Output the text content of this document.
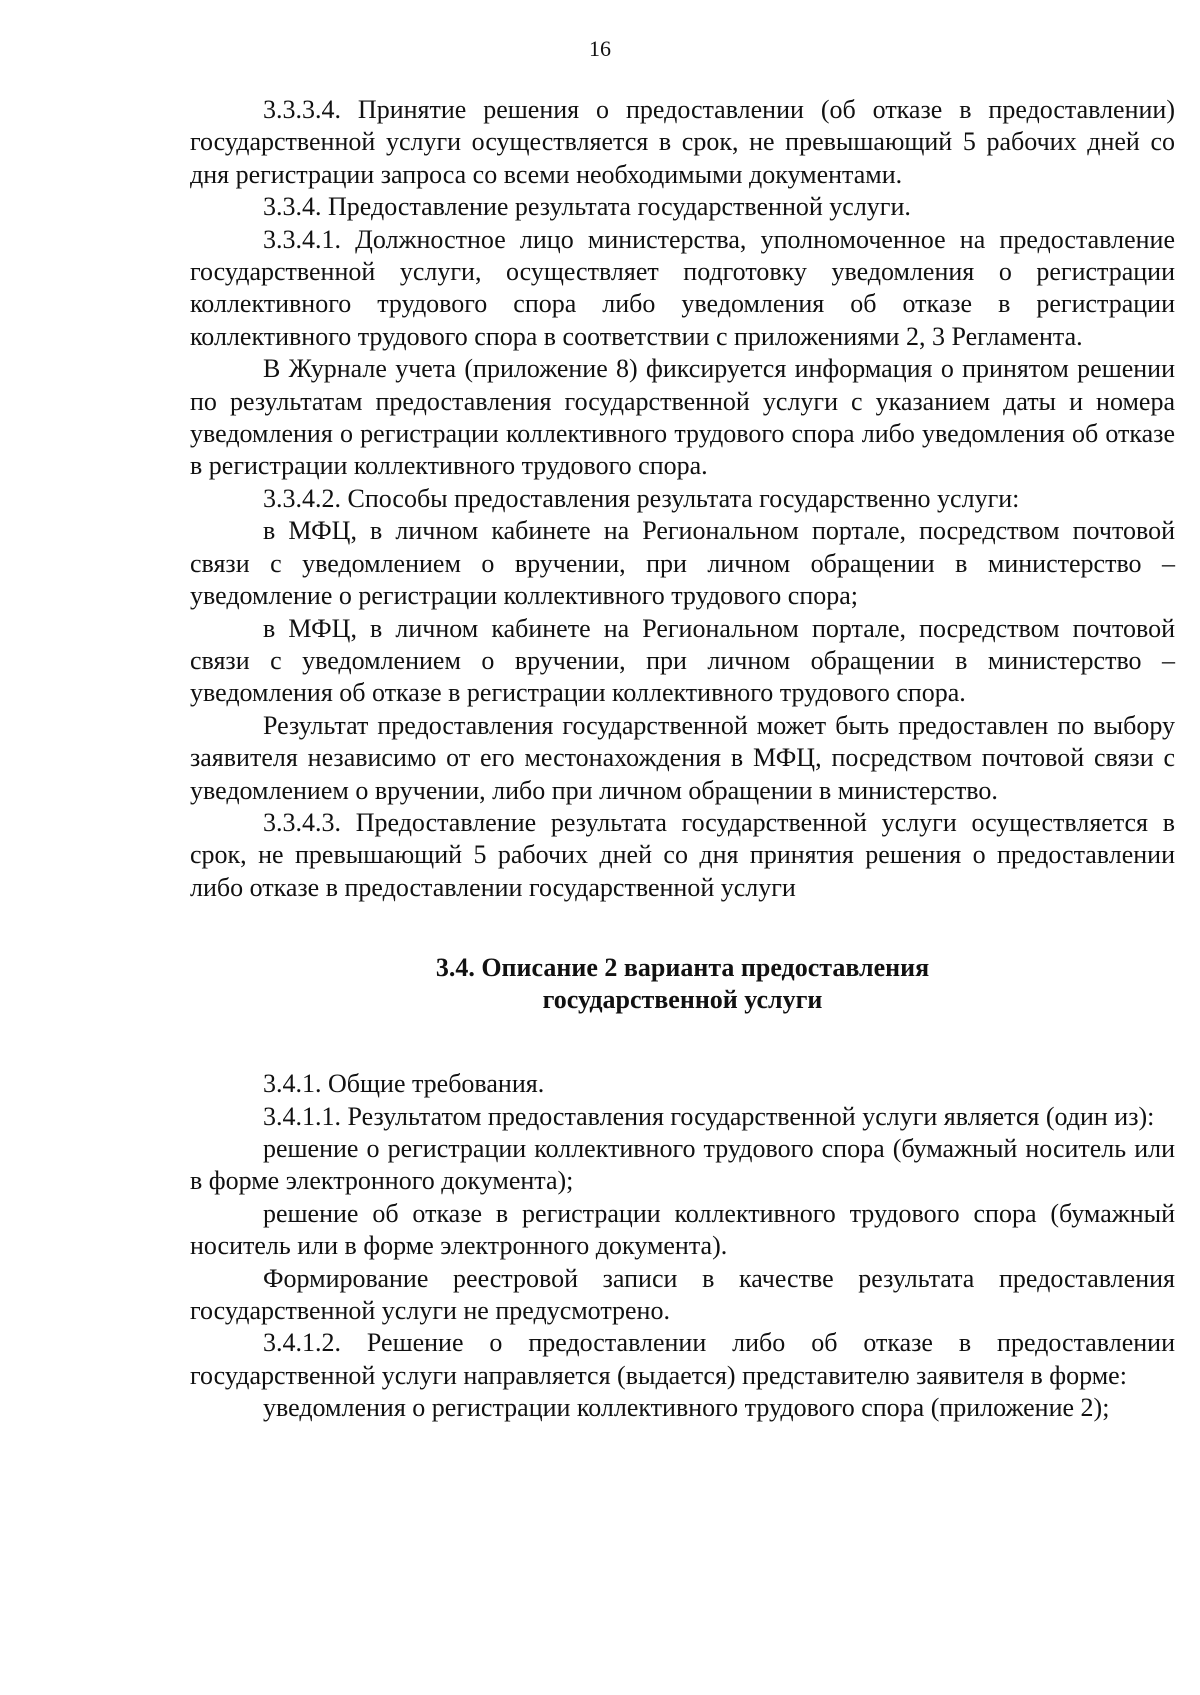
16

3.3.3.4. Принятие решения о предоставлении (об отказе в предоставлении) государственной услуги осуществляется в срок, не превышающий 5 рабочих дней со дня регистрации запроса со всеми необходимыми документами.

3.3.4. Предоставление результата государственной услуги.

3.3.4.1. Должностное лицо министерства, уполномоченное на предоставление государственной услуги, осуществляет подготовку уведомления о регистрации коллективного трудового спора либо уведомления об отказе в регистрации коллективного трудового спора в соответствии с приложениями 2, 3 Регламента.

В Журнале учета (приложение 8) фиксируется информация о принятом решении по результатам предоставления государственной услуги с указанием даты и номера уведомления о регистрации коллективного трудового спора либо уведомления об отказе в регистрации коллективного трудового спора.

3.3.4.2. Способы предоставления результата государственно услуги:

в МФЦ, в личном кабинете на Региональном портале, посредством почтовой связи с уведомлением о вручении, при личном обращении в министерство – уведомление о регистрации коллективного трудового спора;

в МФЦ, в личном кабинете на Региональном портале, посредством почтовой связи с уведомлением о вручении, при личном обращении в министерство – уведомления об отказе в регистрации коллективного трудового спора.

Результат предоставления государственной может быть предоставлен по выбору заявителя независимо от его местонахождения в МФЦ, посредством почтовой связи с уведомлением о вручении, либо при личном обращении в министерство.

3.3.4.3. Предоставление результата государственной услуги осуществляется в срок, не превышающий 5 рабочих дней со дня принятия решения о предоставлении либо отказе в предоставлении государственной услуги

3.4. Описание 2 варианта предоставления
государственной услуги

3.4.1. Общие требования.

3.4.1.1. Результатом предоставления государственной услуги является (один из):

решение о регистрации коллективного трудового спора (бумажный носитель или в форме электронного документа);

решение об отказе в регистрации коллективного трудового спора (бумажный носитель или в форме электронного документа).

Формирование реестровой записи в качестве результата предоставления государственной услуги не предусмотрено.

3.4.1.2. Решение о предоставлении либо об отказе в предоставлении государственной услуги направляется (выдается) представителю заявителя в форме:

уведомления о регистрации коллективного трудового спора (приложение 2);
